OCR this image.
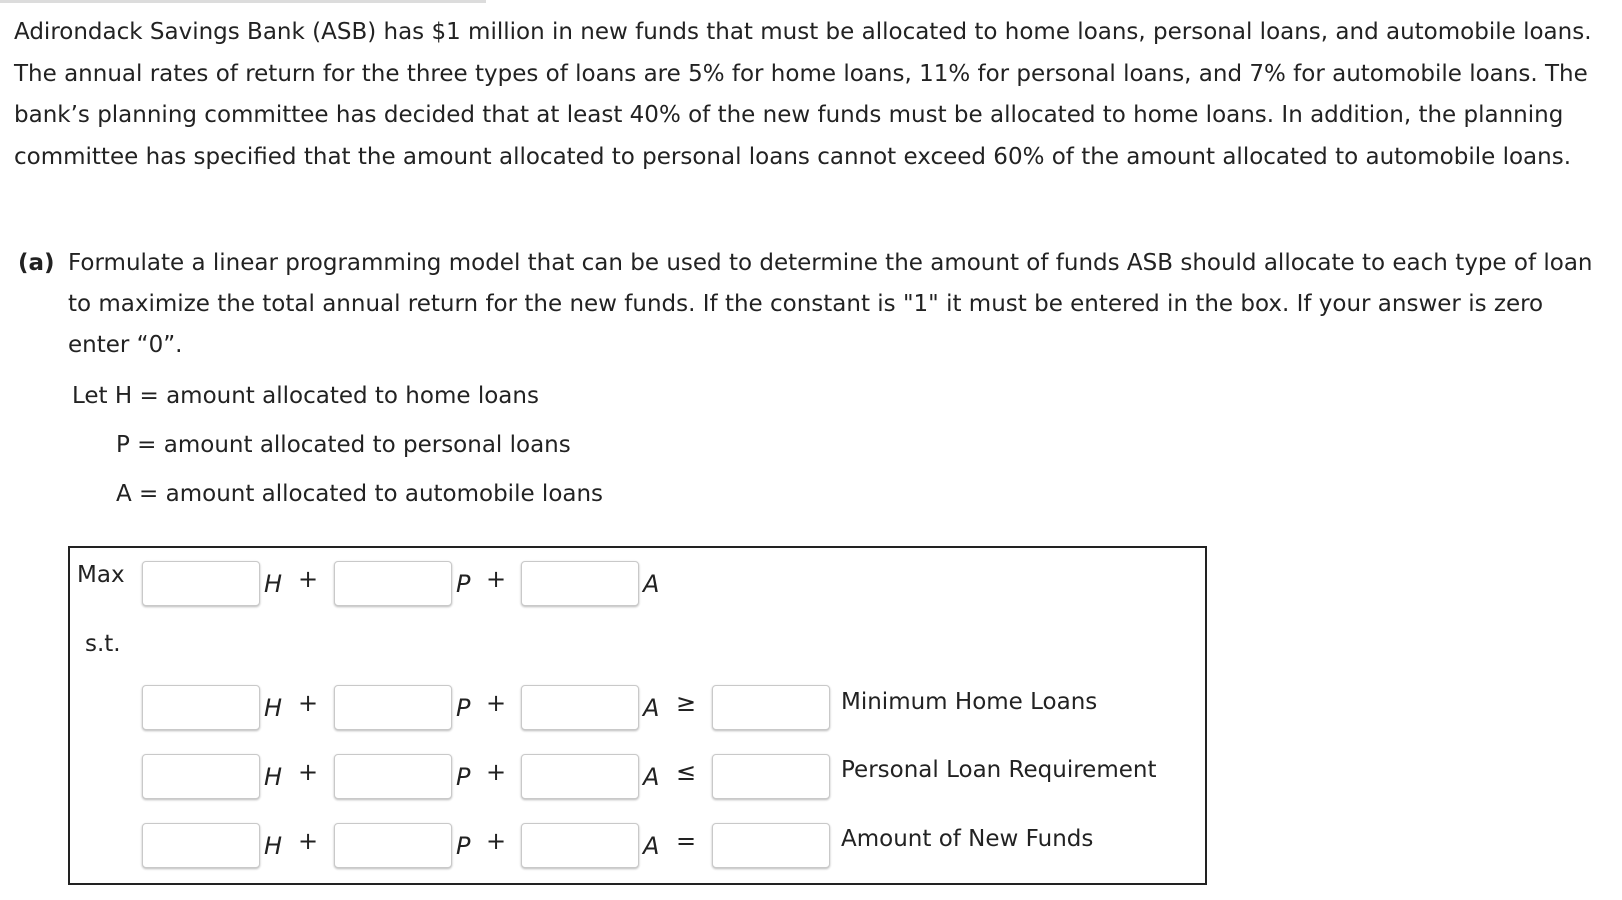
Adirondack Savings Bank (ASB) has $1 million in new funds that must be allocated to home loans, personal loans, and automobile loans. The annual rates of return for the three types of loans are 5% for home loans, 11% for personal loans, and 7% for automobile loans. The bank’s planning committee has decided that at least 40% of the new funds must be allocated to home loans. In addition, the planning committee has specified that the amount allocated to personal loans cannot exceed 60% of the amount allocated to automobile loans.

(a) Formulate a linear programming model that can be used to determine the amount of funds ASB should allocate to each type of loan to maximize the total annual return for the new funds. If the constant is "1" it must be entered in the box. If your answer is zero enter “0”.
Let H = amount allocated to home loans
P = amount allocated to personal loans
A = amount allocated to automobile loans
Max	H +	P +	A
s.t.
H +	P +	A ≥	Minimum Home Loans
H +	P +	A ≤	Personal Loan Requirement
H +	P +	A =	Amount of New Funds
